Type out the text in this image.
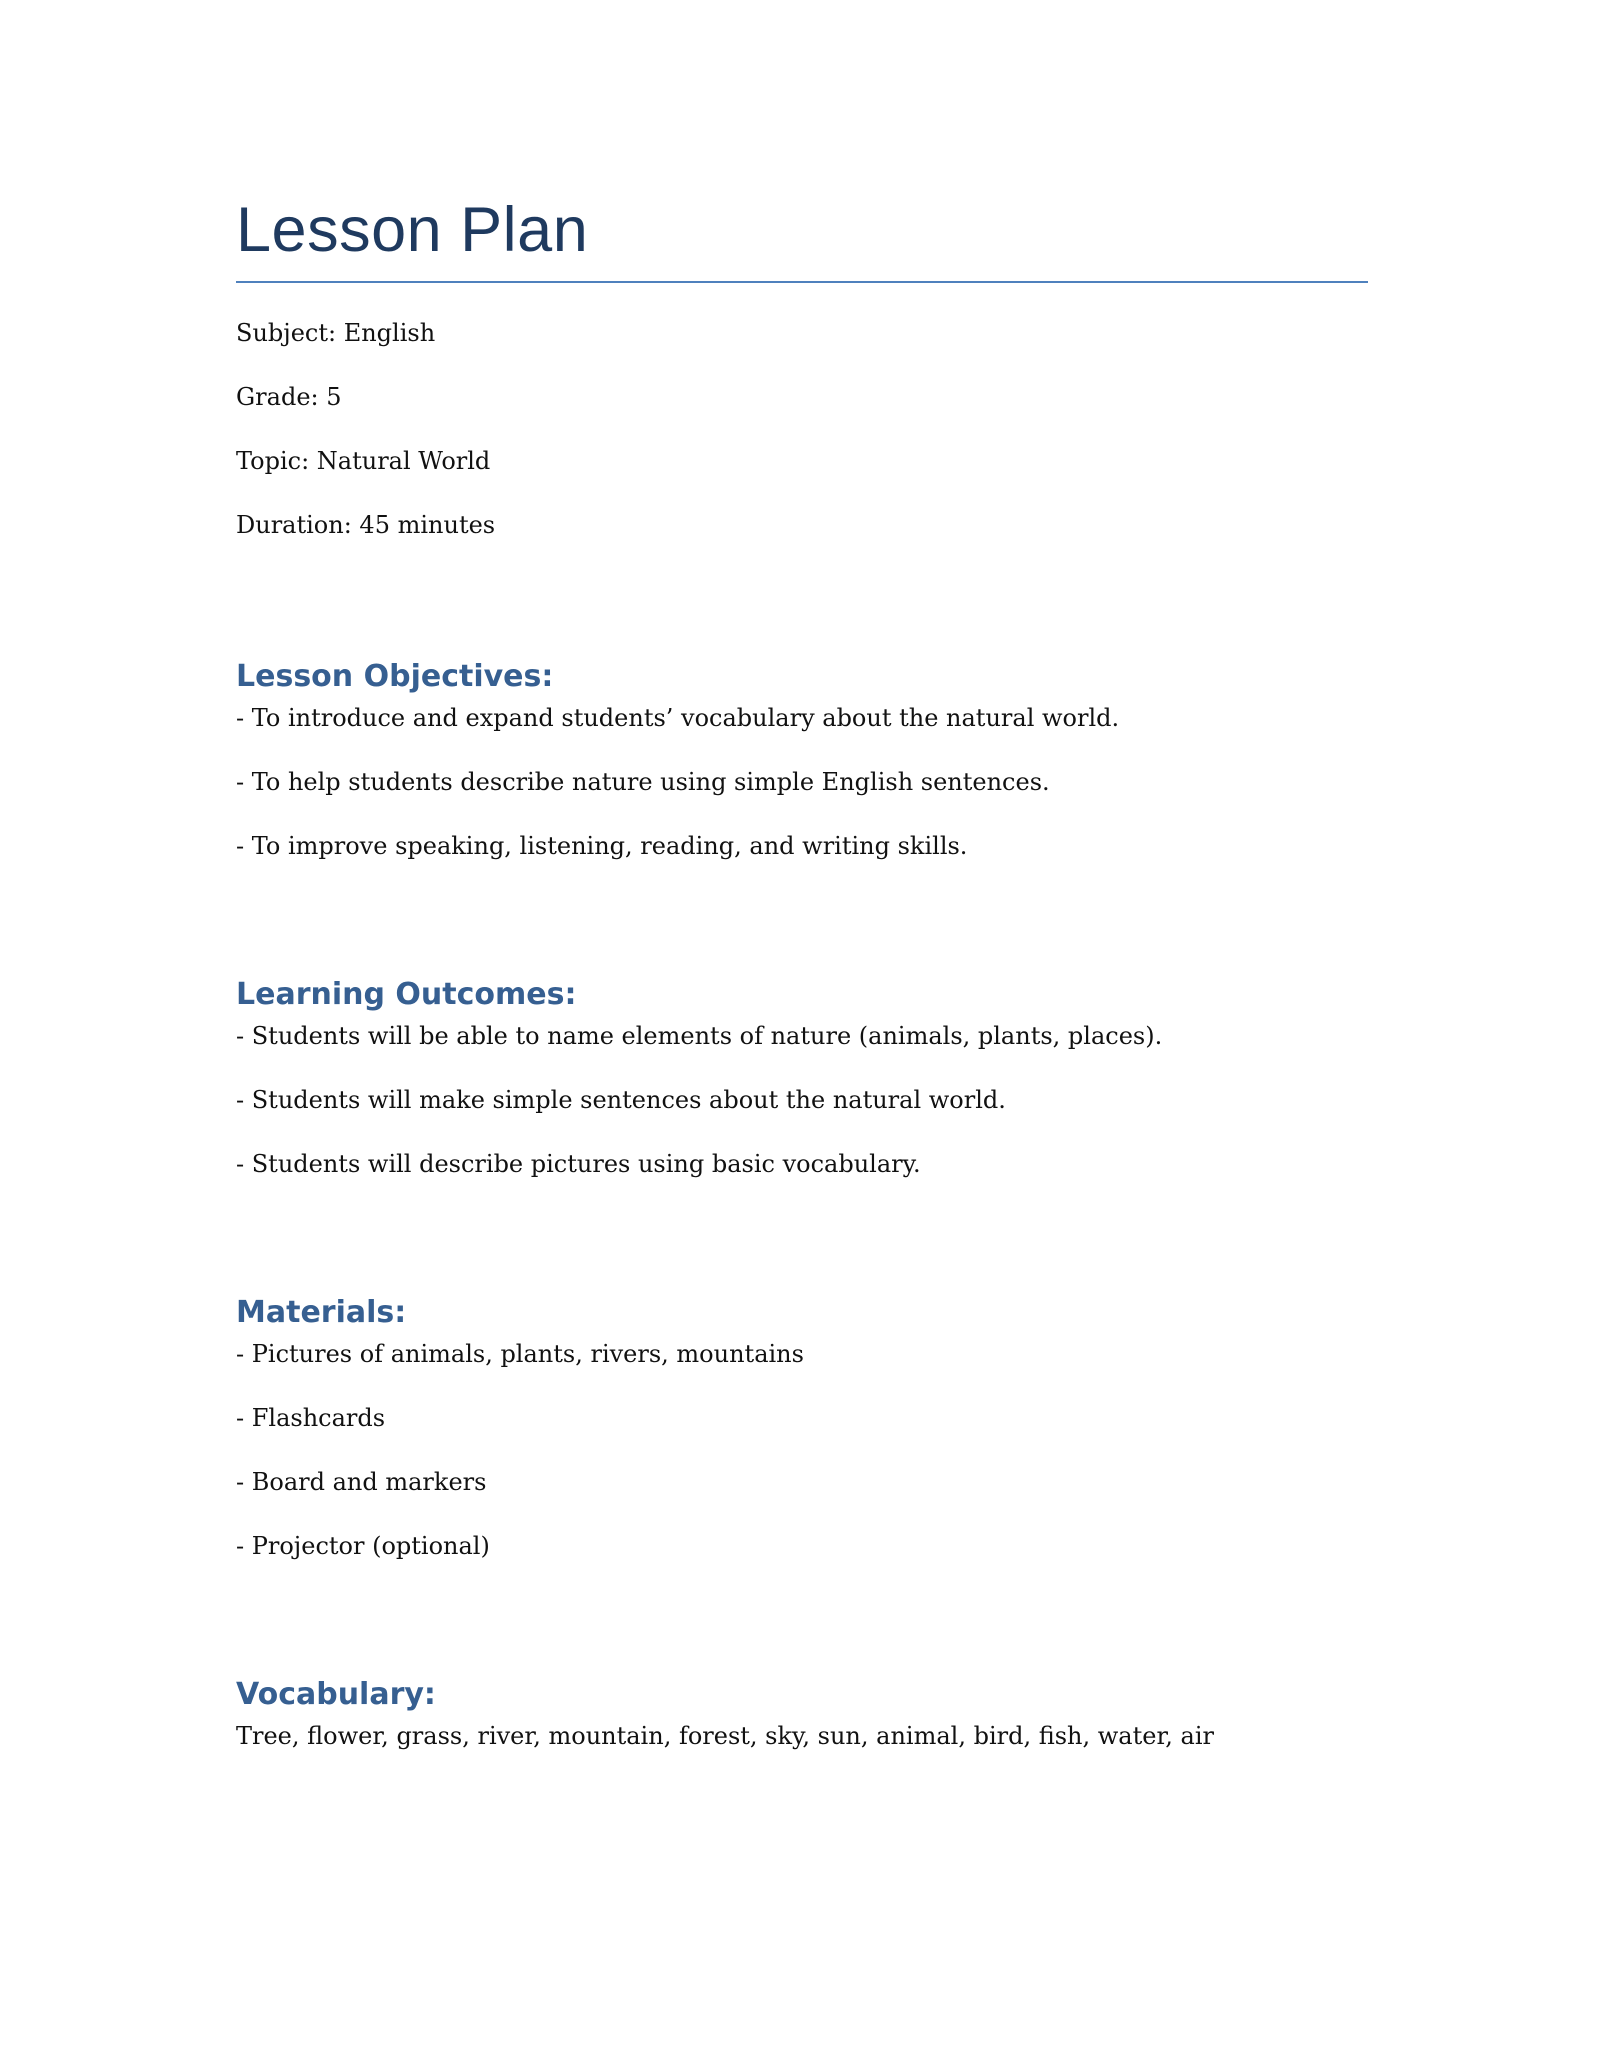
Lesson Plan

Subject: English

Grade: 5

Topic: Natural World

Duration: 45 minutes

Lesson Objectives:

- To introduce and expand students’ vocabulary about the natural world.

- To help students describe nature using simple English sentences.

- To improve speaking, listening, reading, and writing skills.

Learning Outcomes:

- Students will be able to name elements of nature (animals, plants, places).

- Students will make simple sentences about the natural world.

- Students will describe pictures using basic vocabulary.

Materials:

- Pictures of animals, plants, rivers, mountains

- Flashcards

- Board and markers

- Projector (optional)

Vocabulary:

Tree, flower, grass, river, mountain, forest, sky, sun, animal, bird, fish, water, air
